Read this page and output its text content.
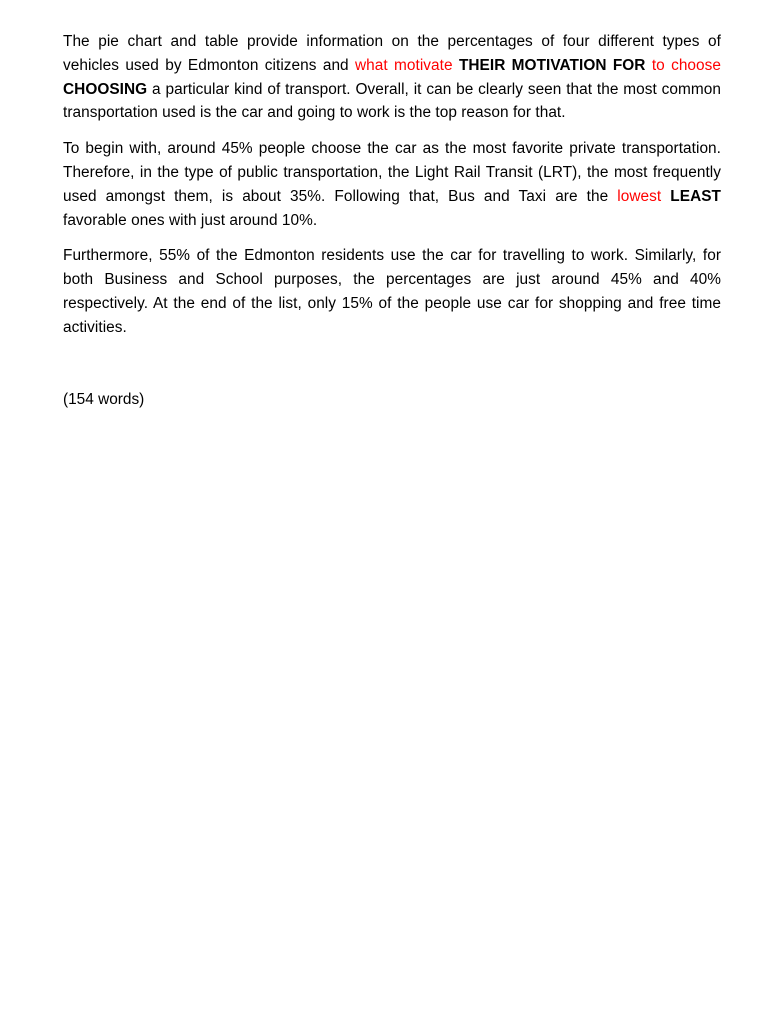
The pie chart and table provide information on the percentages of four different types of vehicles used by Edmonton citizens and what motivate THEIR MOTIVATION FOR to choose CHOOSING a particular kind of transport. Overall, it can be clearly seen that the most common transportation used is the car and going to work is the top reason for that.

To begin with, around 45% people choose the car as the most favorite private transportation. Therefore, in the type of public transportation, the Light Rail Transit (LRT), the most frequently used amongst them, is about 35%. Following that, Bus and Taxi are the lowest LEAST favorable ones with just around 10%.

Furthermore, 55% of the Edmonton residents use the car for travelling to work. Similarly, for both Business and School purposes, the percentages are just around 45% and 40% respectively. At the end of the list, only 15% of the people use car for shopping and free time activities.

(154 words)
